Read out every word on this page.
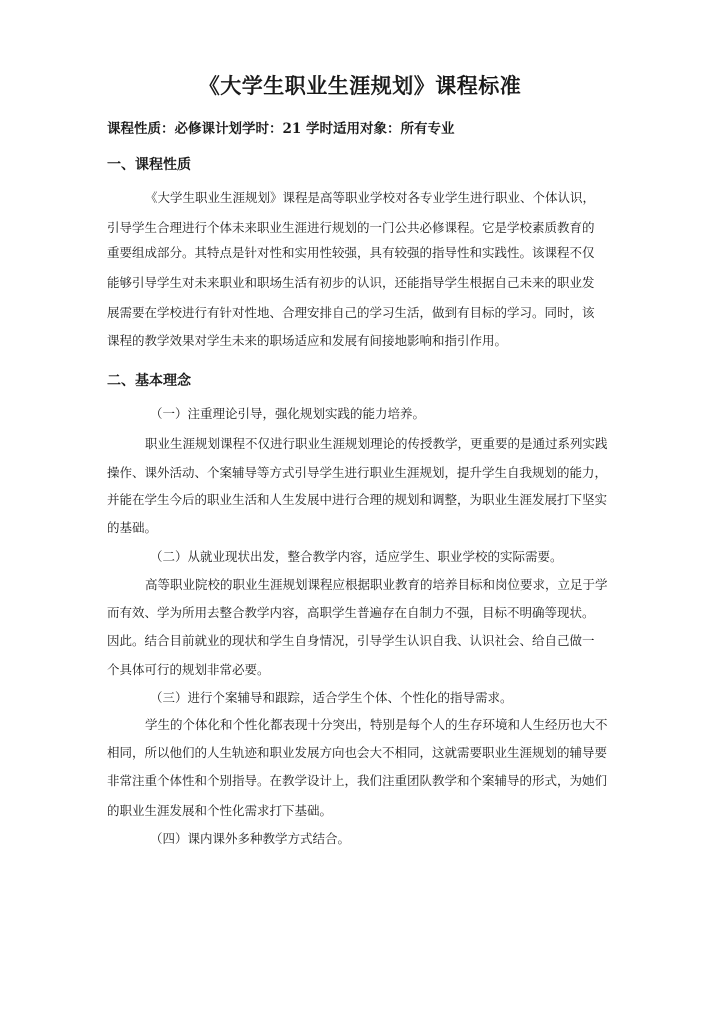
《大学生职业生涯规划》课程标准
课程性质：必修课计划学时：21 学时适用对象：所有专业
一、课程性质
《大学生职业生涯规划》课程是高等职业学校对各专业学生进行职业、个体认识，
引导学生合理进行个体未来职业生涯进行规划的一门公共必修课程。它是学校素质教育的
重要组成部分。其特点是针对性和实用性较强，具有较强的指导性和实践性。该课程不仅
能够引导学生对未来职业和职场生活有初步的认识，还能指导学生根据自己未来的职业发
展需要在学校进行有针对性地、合理安排自己的学习生活，做到有目标的学习。同时，该
课程的教学效果对学生未来的职场适应和发展有间接地影响和指引作用。
二、基本理念
（一）注重理论引导，强化规划实践的能力培养。
职业生涯规划课程不仅进行职业生涯规划理论的传授教学，更重要的是通过系列实践
操作、课外活动、个案辅导等方式引导学生进行职业生涯规划，提升学生自我规划的能力，
并能在学生今后的职业生活和人生发展中进行合理的规划和调整，为职业生涯发展打下坚实
的基础。
（二）从就业现状出发，整合教学内容，适应学生、职业学校的实际需要。
高等职业院校的职业生涯规划课程应根据职业教育的培养目标和岗位要求，立足于学
而有效、学为所用去整合教学内容，高职学生普遍存在自制力不强，目标不明确等现状。
因此。结合目前就业的现状和学生自身情况，引导学生认识自我、认识社会、给自己做一
个具体可行的规划非常必要。
（三）进行个案辅导和跟踪，适合学生个体、个性化的指导需求。
学生的个体化和个性化都表现十分突出，特别是每个人的生存环境和人生经历也大不
相同，所以他们的人生轨迹和职业发展方向也会大不相同，这就需要职业生涯规划的辅导要
非常注重个体性和个别指导。在教学设计上，我们注重团队教学和个案辅导的形式，为她们
的职业生涯发展和个性化需求打下基础。
（四）课内课外多种教学方式结合。
